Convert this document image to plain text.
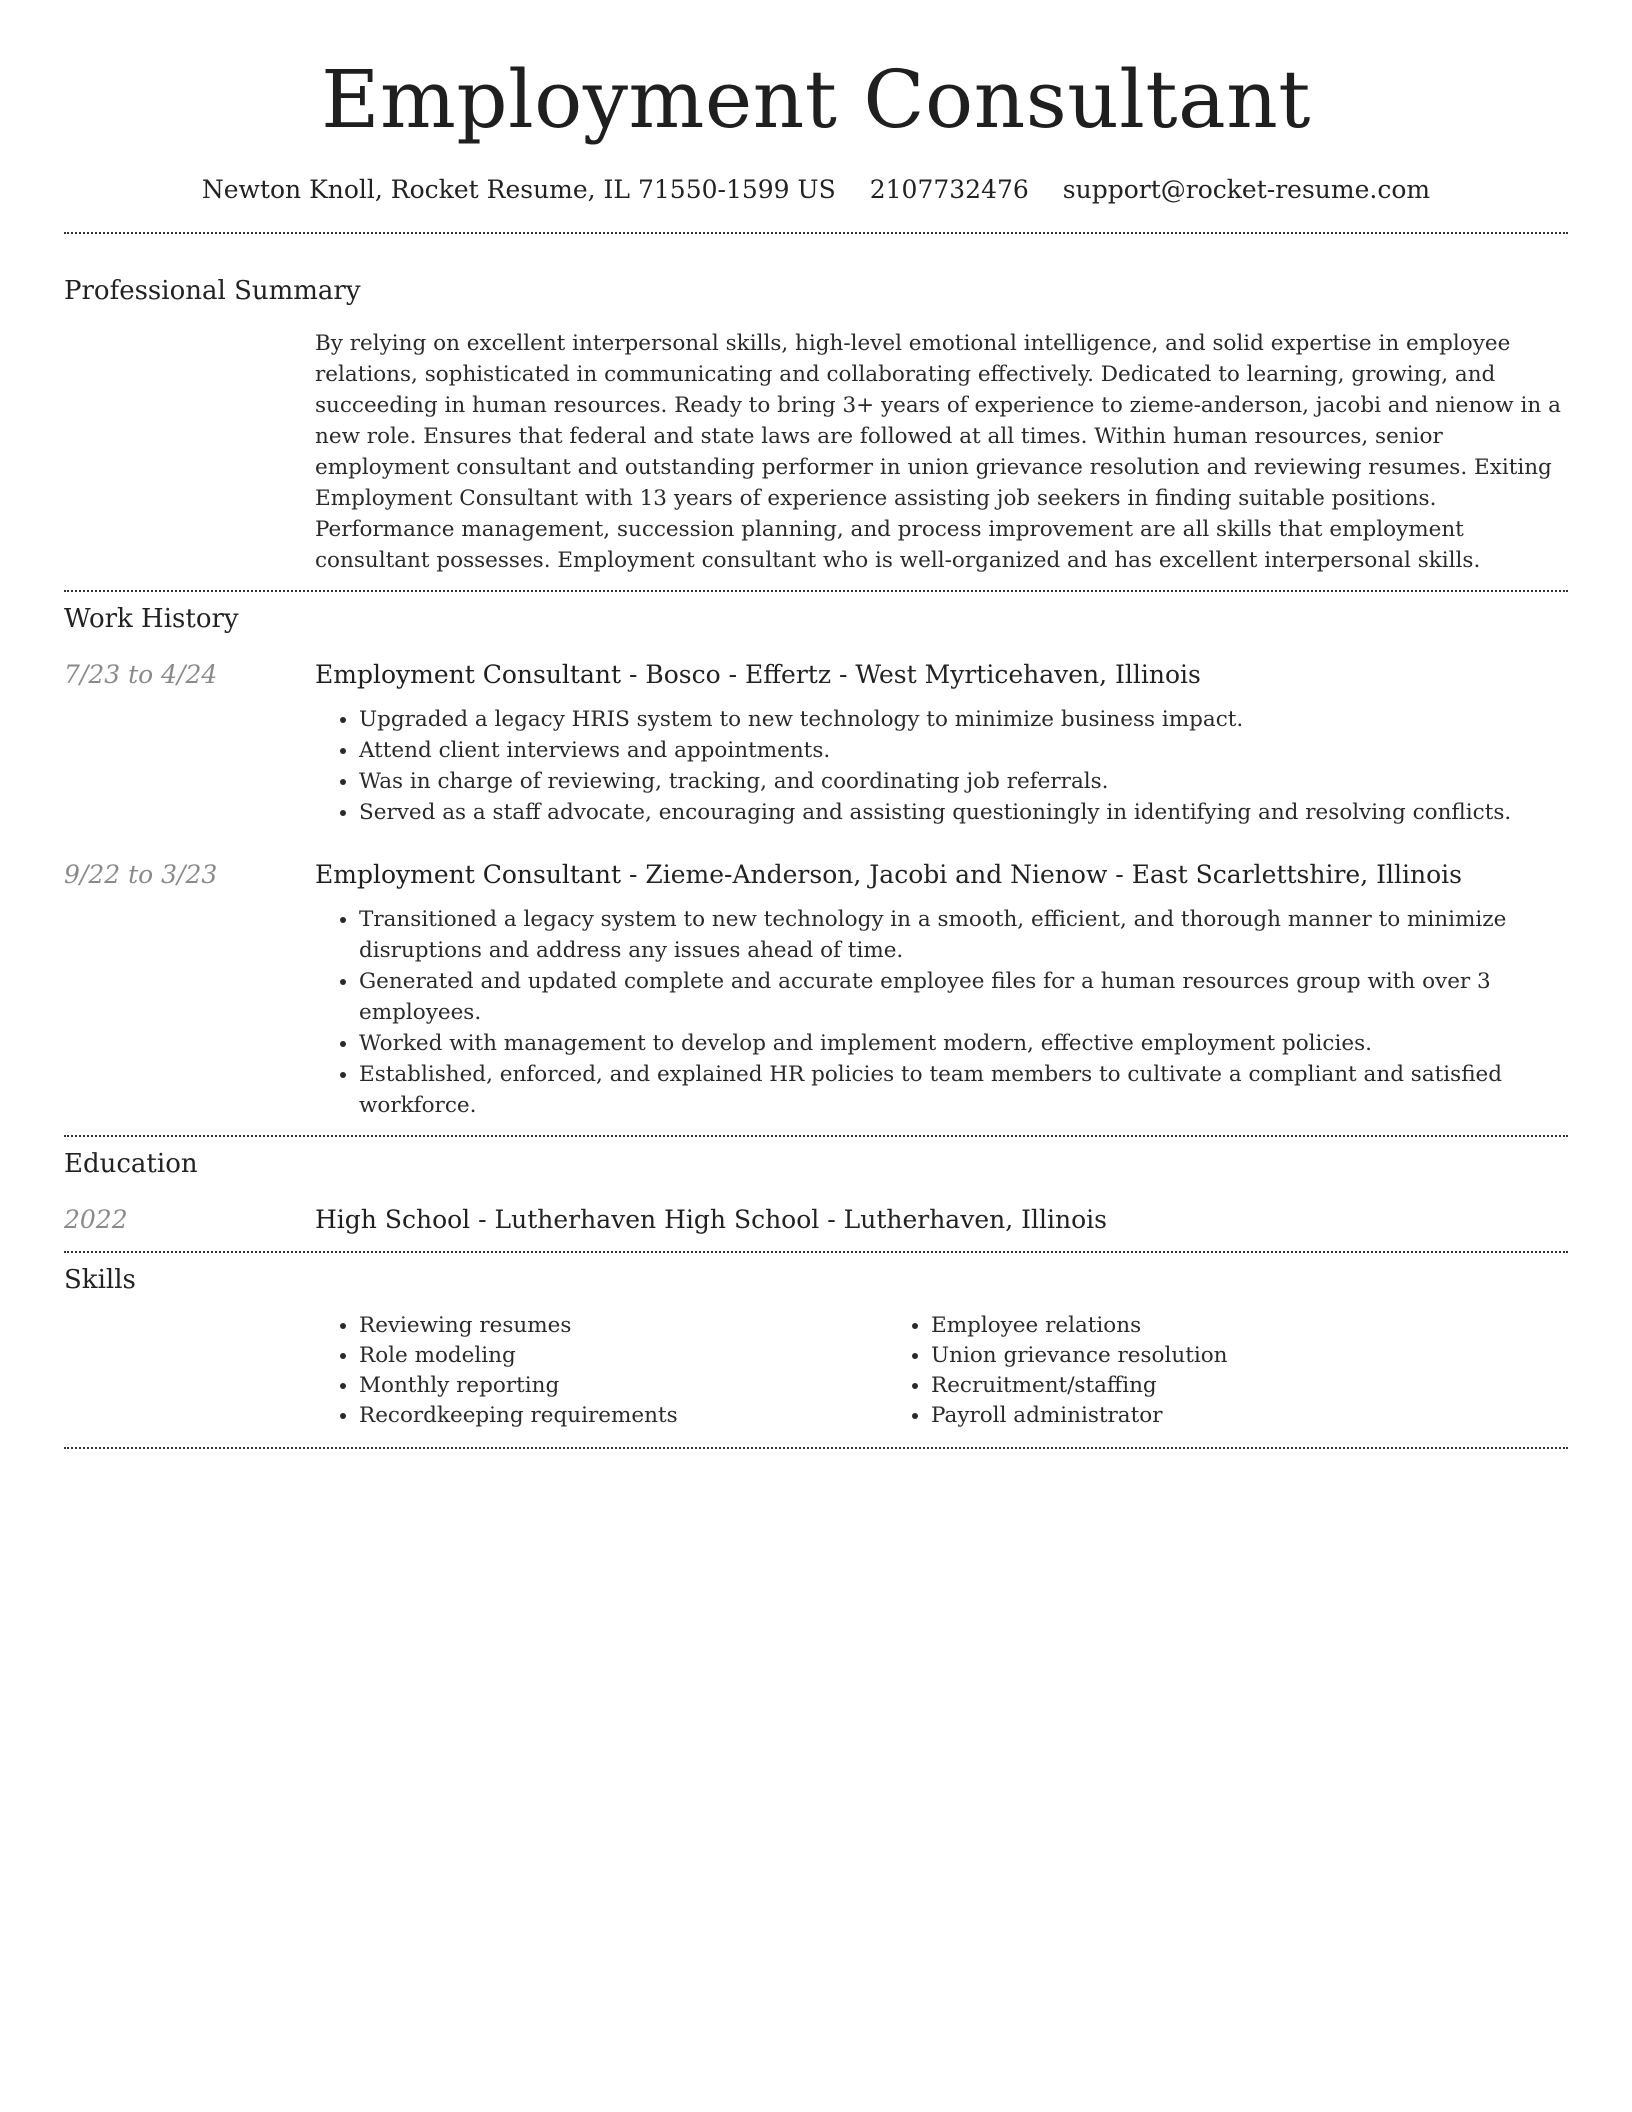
Employment Consultant
Newton Knoll, Rocket Resume, IL 71550-1599 US 2107732476 support@rocket-resume.com
Professional Summary
By relying on excellent interpersonal skills, high-level emotional intelligence, and solid expertise in employee relations, sophisticated in communicating and collaborating effectively. Dedicated to learning, growing, and succeeding in human resources. Ready to bring 3+ years of experience to zieme-anderson, jacobi and nienow in a new role. Ensures that federal and state laws are followed at all times. Within human resources, senior employment consultant and outstanding performer in union grievance resolution and reviewing resumes. Exiting Employment Consultant with 13 years of experience assisting job seekers in finding suitable positions. Performance management, succession planning, and process improvement are all skills that employment consultant possesses. Employment consultant who is well-organized and has excellent interpersonal skills.
Work History
7/23 to 4/24	Employment Consultant - Bosco - Effertz - West Myrticehaven, Illinois
• Upgraded a legacy HRIS system to new technology to minimize business impact.
• Attend client interviews and appointments.
• Was in charge of reviewing, tracking, and coordinating job referrals.
• Served as a staff advocate, encouraging and assisting questioningly in identifying and resolving conflicts.
9/22 to 3/23	Employment Consultant - Zieme-Anderson, Jacobi and Nienow - East Scarlettshire, Illinois
• Transitioned a legacy system to new technology in a smooth, efficient, and thorough manner to minimize disruptions and address any issues ahead of time.
• Generated and updated complete and accurate employee files for a human resources group with over 3 employees.
• Worked with management to develop and implement modern, effective employment policies.
• Established, enforced, and explained HR policies to team members to cultivate a compliant and satisfied workforce.
Education
2022	High School - Lutherhaven High School - Lutherhaven, Illinois
Skills
• Reviewing resumes
• Role modeling
• Monthly reporting
• Recordkeeping requirements
• Employee relations
• Union grievance resolution
• Recruitment/staffing
• Payroll administrator
